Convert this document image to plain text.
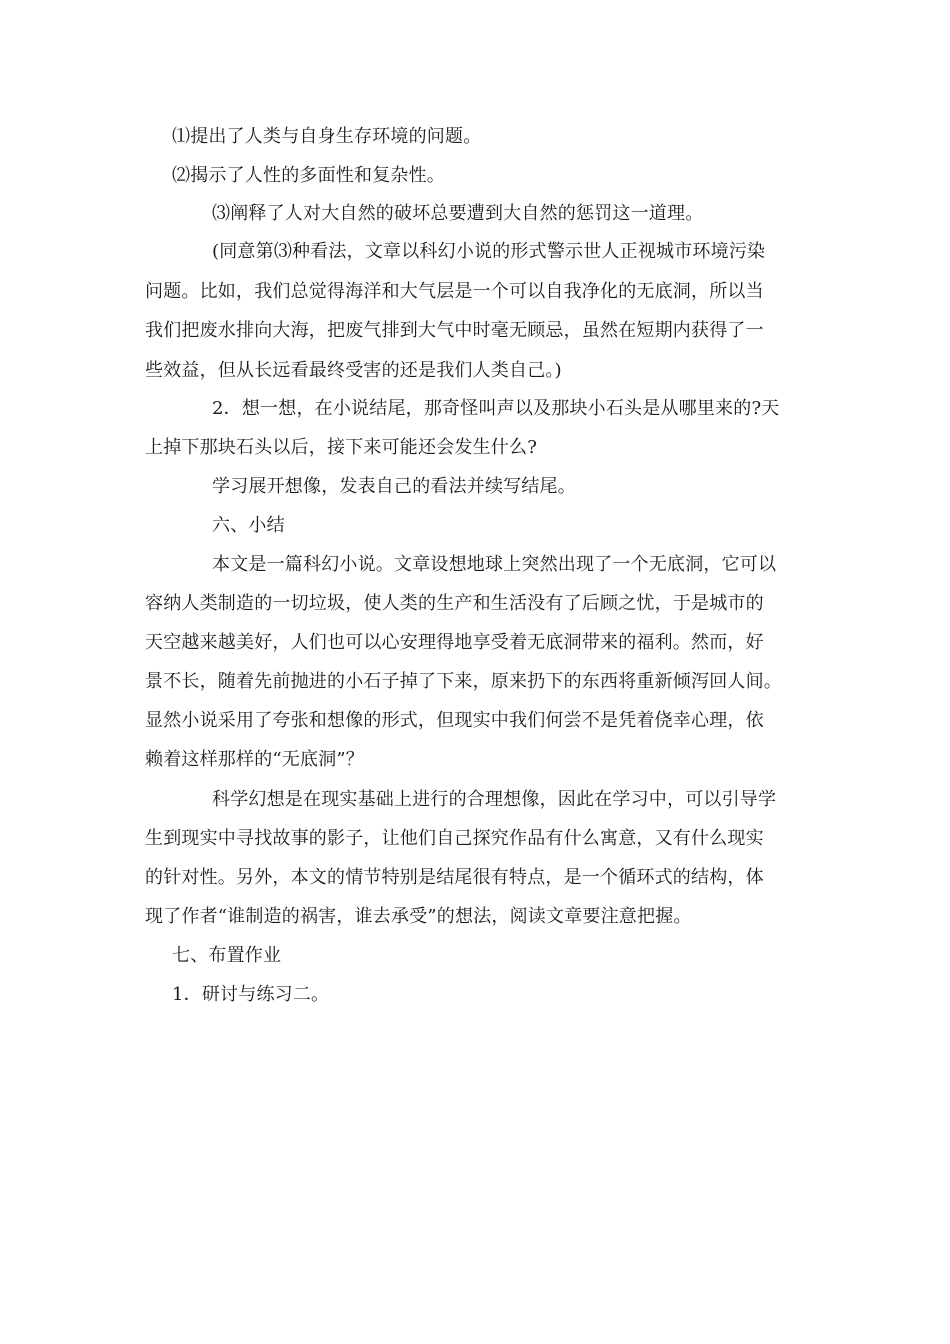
⑴提出了人类与自身生存环境的问题。
⑵揭示了人性的多面性和复杂性。
⑶阐释了人对大自然的破坏总要遭到大自然的惩罚这一道理。
(同意第⑶种看法，文章以科幻小说的形式警示世人正视城市环境污染
问题。比如，我们总觉得海洋和大气层是一个可以自我净化的无底洞，所以当
我们把废水排向大海，把废气排到大气中时毫无顾忌，虽然在短期内获得了一
些效益，但从长远看最终受害的还是我们人类自己。)
2．想一想，在小说结尾，那奇怪叫声以及那块小石头是从哪里来的?天
上掉下那块石头以后，接下来可能还会发生什么?
学习展开想像，发表自己的看法并续写结尾。
六、小结
本文是一篇科幻小说。文章设想地球上突然出现了一个无底洞，它可以
容纳人类制造的一切垃圾，使人类的生产和生活没有了后顾之忧，于是城市的
天空越来越美好，人们也可以心安理得地享受着无底洞带来的福利。然而，好
景不长，随着先前抛进的小石子掉了下来，原来扔下的东西将重新倾泻回人间。
显然小说采用了夸张和想像的形式，但现实中我们何尝不是凭着侥幸心理，依
赖着这样那样的“无底洞”？
科学幻想是在现实基础上进行的合理想像，因此在学习中，可以引导学
生到现实中寻找故事的影子，让他们自己探究作品有什么寓意，又有什么现实
的针对性。另外，本文的情节特别是结尾很有特点，是一个循环式的结构，体
现了作者“谁制造的祸害，谁去承受”的想法，阅读文章要注意把握。
七、布置作业
1．研讨与练习二。
